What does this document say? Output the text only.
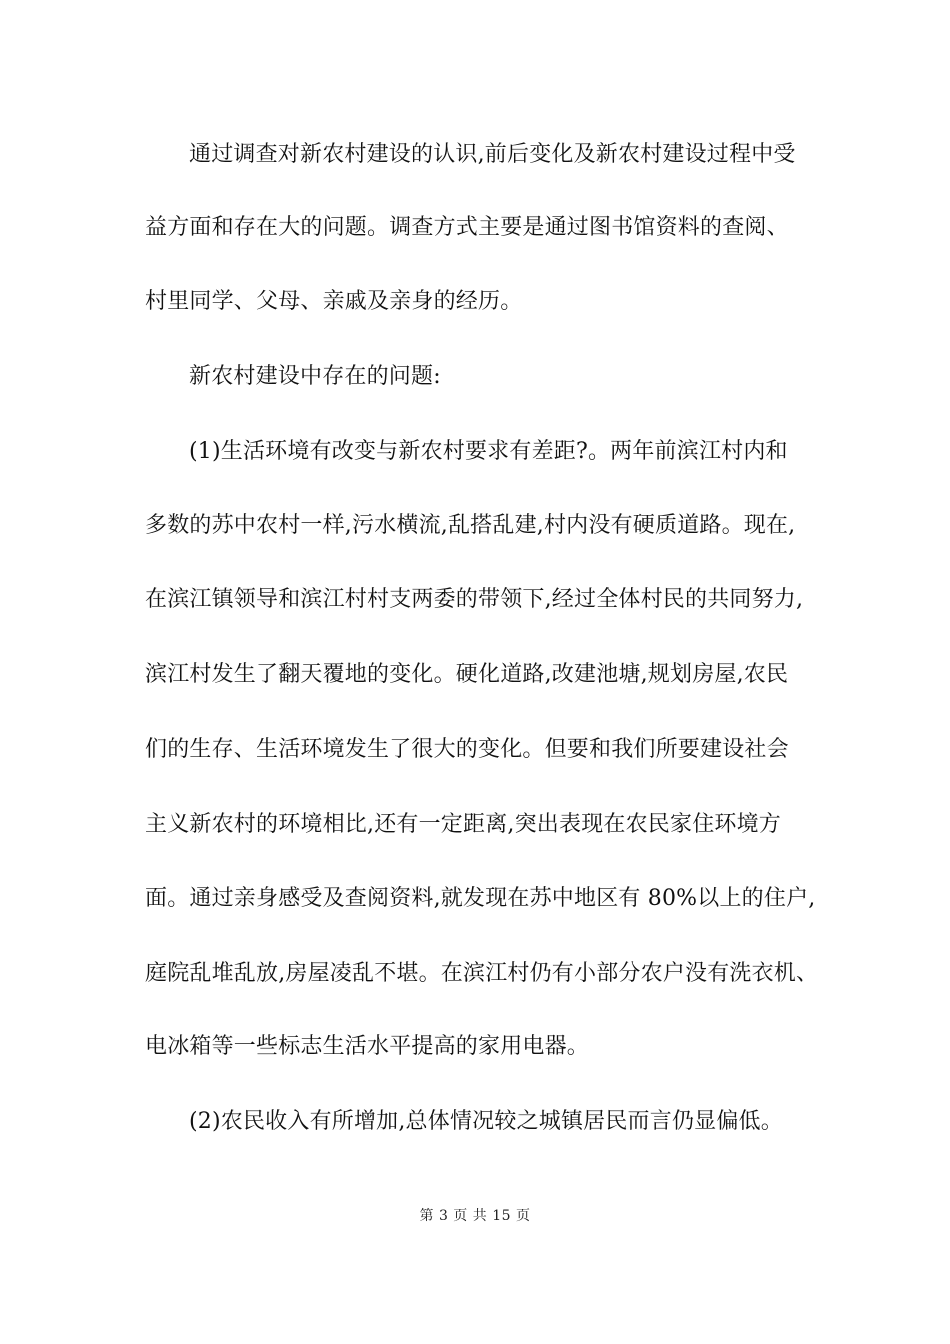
通过调查对新农村建设的认识,前后变化及新农村建设过程中受
益方面和存在大的问题。调查方式主要是通过图书馆资料的查阅、
村里同学、父母、亲戚及亲身的经历。
新农村建设中存在的问题:
(1)生活环境有改变与新农村要求有差距?。两年前滨江村内和
多数的苏中农村一样,污水横流,乱搭乱建,村内没有硬质道路。现在,
在滨江镇领导和滨江村村支两委的带领下,经过全体村民的共同努力,
滨江村发生了翻天覆地的变化。硬化道路,改建池塘,规划房屋,农民
们的生存、生活环境发生了很大的变化。但要和我们所要建设社会
主义新农村的环境相比,还有一定距离,突出表现在农民家住环境方
面。通过亲身感受及查阅资料,就发现在苏中地区有 80%以上的住户,
庭院乱堆乱放,房屋凌乱不堪。在滨江村仍有小部分农户没有洗衣机、
电冰箱等一些标志生活水平提高的家用电器。
(2)农民收入有所增加,总体情况较之城镇居民而言仍显偏低。
第 3 页 共 15 页
